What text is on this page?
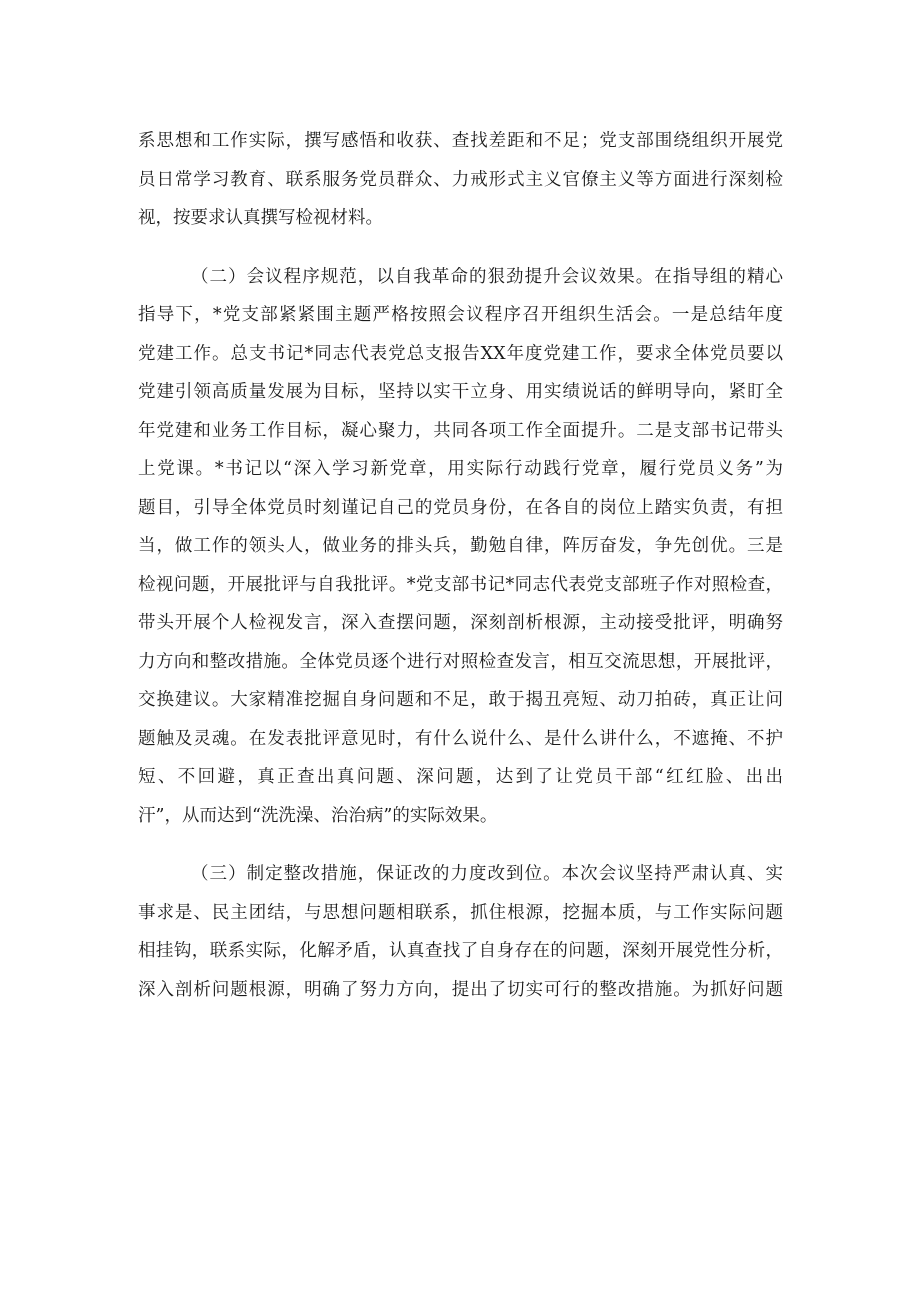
系思想和工作实际，撰写感悟和收获、查找差距和不足；党支部围绕组织开展党
员日常学习教育、联系服务党员群众、力戒形式主义官僚主义等方面进行深刻检
视，按要求认真撰写检视材料。
（二）会议程序规范，以自我革命的狠劲提升会议效果。在指导组的精心
指导下，*党支部紧紧围主题严格按照会议程序召开组织生活会。一是总结年度
党建工作。总支书记*同志代表党总支报告XX年度党建工作，要求全体党员要以
党建引领高质量发展为目标，坚持以实干立身、用实绩说话的鲜明导向，紧盯全
年党建和业务工作目标，凝心聚力，共同各项工作全面提升。二是支部书记带头
上党课。*书记以“深入学习新党章，用实际行动践行党章，履行党员义务”为
题目，引导全体党员时刻谨记自己的党员身份，在各自的岗位上踏实负责，有担
当，做工作的领头人，做业务的排头兵，勤勉自律，阵厉奋发，争先创优。三是
检视问题，开展批评与自我批评。*党支部书记*同志代表党支部班子作对照检查，
带头开展个人检视发言，深入查摆问题，深刻剖析根源，主动接受批评，明确努
力方向和整改措施。全体党员逐个进行对照检查发言，相互交流思想，开展批评，
交换建议。大家精准挖掘自身问题和不足，敢于揭丑亮短、动刀拍砖，真正让问
题触及灵魂。在发表批评意见时，有什么说什么、是什么讲什么，不遮掩、不护
短、不回避，真正查出真问题、深问题，达到了让党员干部“红红脸、出出
汗”，从而达到“洗洗澡、治治病”的实际效果。
（三）制定整改措施，保证改的力度改到位。本次会议坚持严肃认真、实
事求是、民主团结，与思想问题相联系，抓住根源，挖掘本质，与工作实际问题
相挂钩，联系实际，化解矛盾，认真查找了自身存在的问题，深刻开展党性分析，
深入剖析问题根源，明确了努力方向，提出了切实可行的整改措施。为抓好问题
